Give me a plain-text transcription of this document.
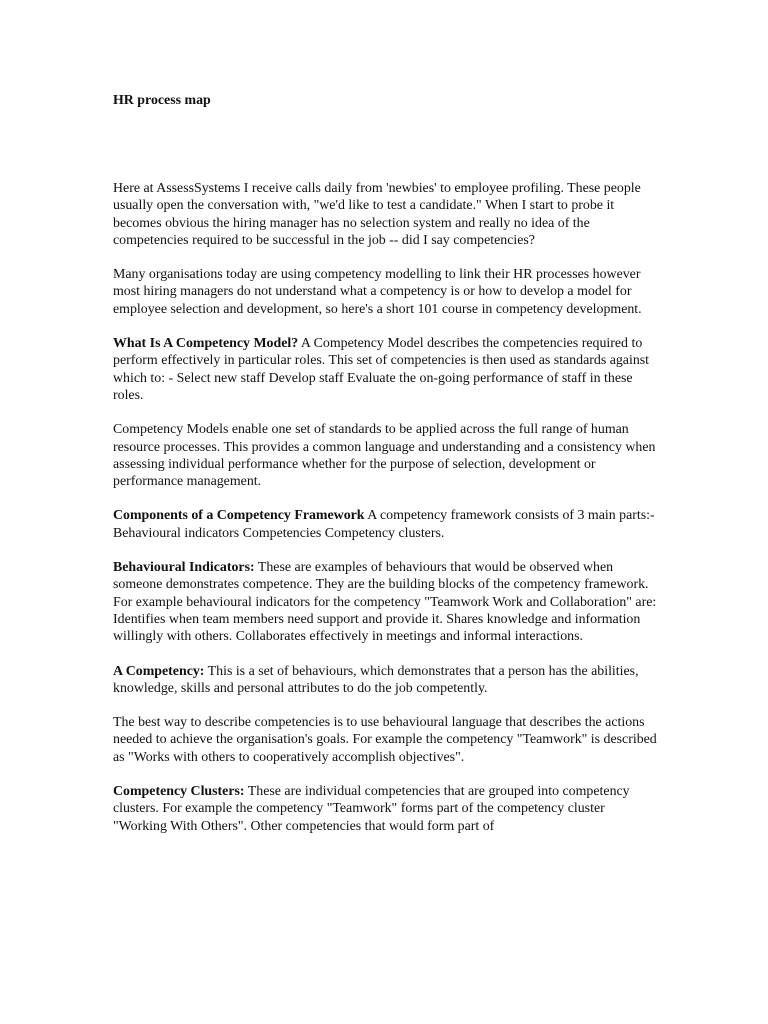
HR process map

Here at AssessSystems I receive calls daily from 'newbies' to employee profiling. These people usually open the conversation with, "we'd like to test a candidate." When I start to probe it becomes obvious the hiring manager has no selection system and really no idea of the competencies required to be successful in the job -- did I say competencies?

Many organisations today are using competency modelling to link their HR processes however most hiring managers do not understand what a competency is or how to develop a model for employee selection and development, so here's a short 101 course in competency development.

What Is A Competency Model? A Competency Model describes the competencies required to perform effectively in particular roles. This set of competencies is then used as standards against which to: - Select new staff Develop staff Evaluate the on-going performance of staff in these roles.

Competency Models enable one set of standards to be applied across the full range of human resource processes. This provides a common language and understanding and a consistency when assessing individual performance whether for the purpose of selection, development or performance management.

Components of a Competency Framework A competency framework consists of 3 main parts:-Behavioural indicators Competencies Competency clusters.

Behavioural Indicators: These are examples of behaviours that would be observed when someone demonstrates competence. They are the building blocks of the competency framework. For example behavioural indicators for the competency "Teamwork Work and Collaboration" are: Identifies when team members need support and provide it. Shares knowledge and information willingly with others. Collaborates effectively in meetings and informal interactions.

A Competency: This is a set of behaviours, which demonstrates that a person has the abilities, knowledge, skills and personal attributes to do the job competently.

The best way to describe competencies is to use behavioural language that describes the actions needed to achieve the organisation's goals. For example the competency "Teamwork" is described as "Works with others to cooperatively accomplish objectives".

Competency Clusters: These are individual competencies that are grouped into competency clusters. For example the competency "Teamwork" forms part of the competency cluster "Working With Others". Other competencies that would form part of
